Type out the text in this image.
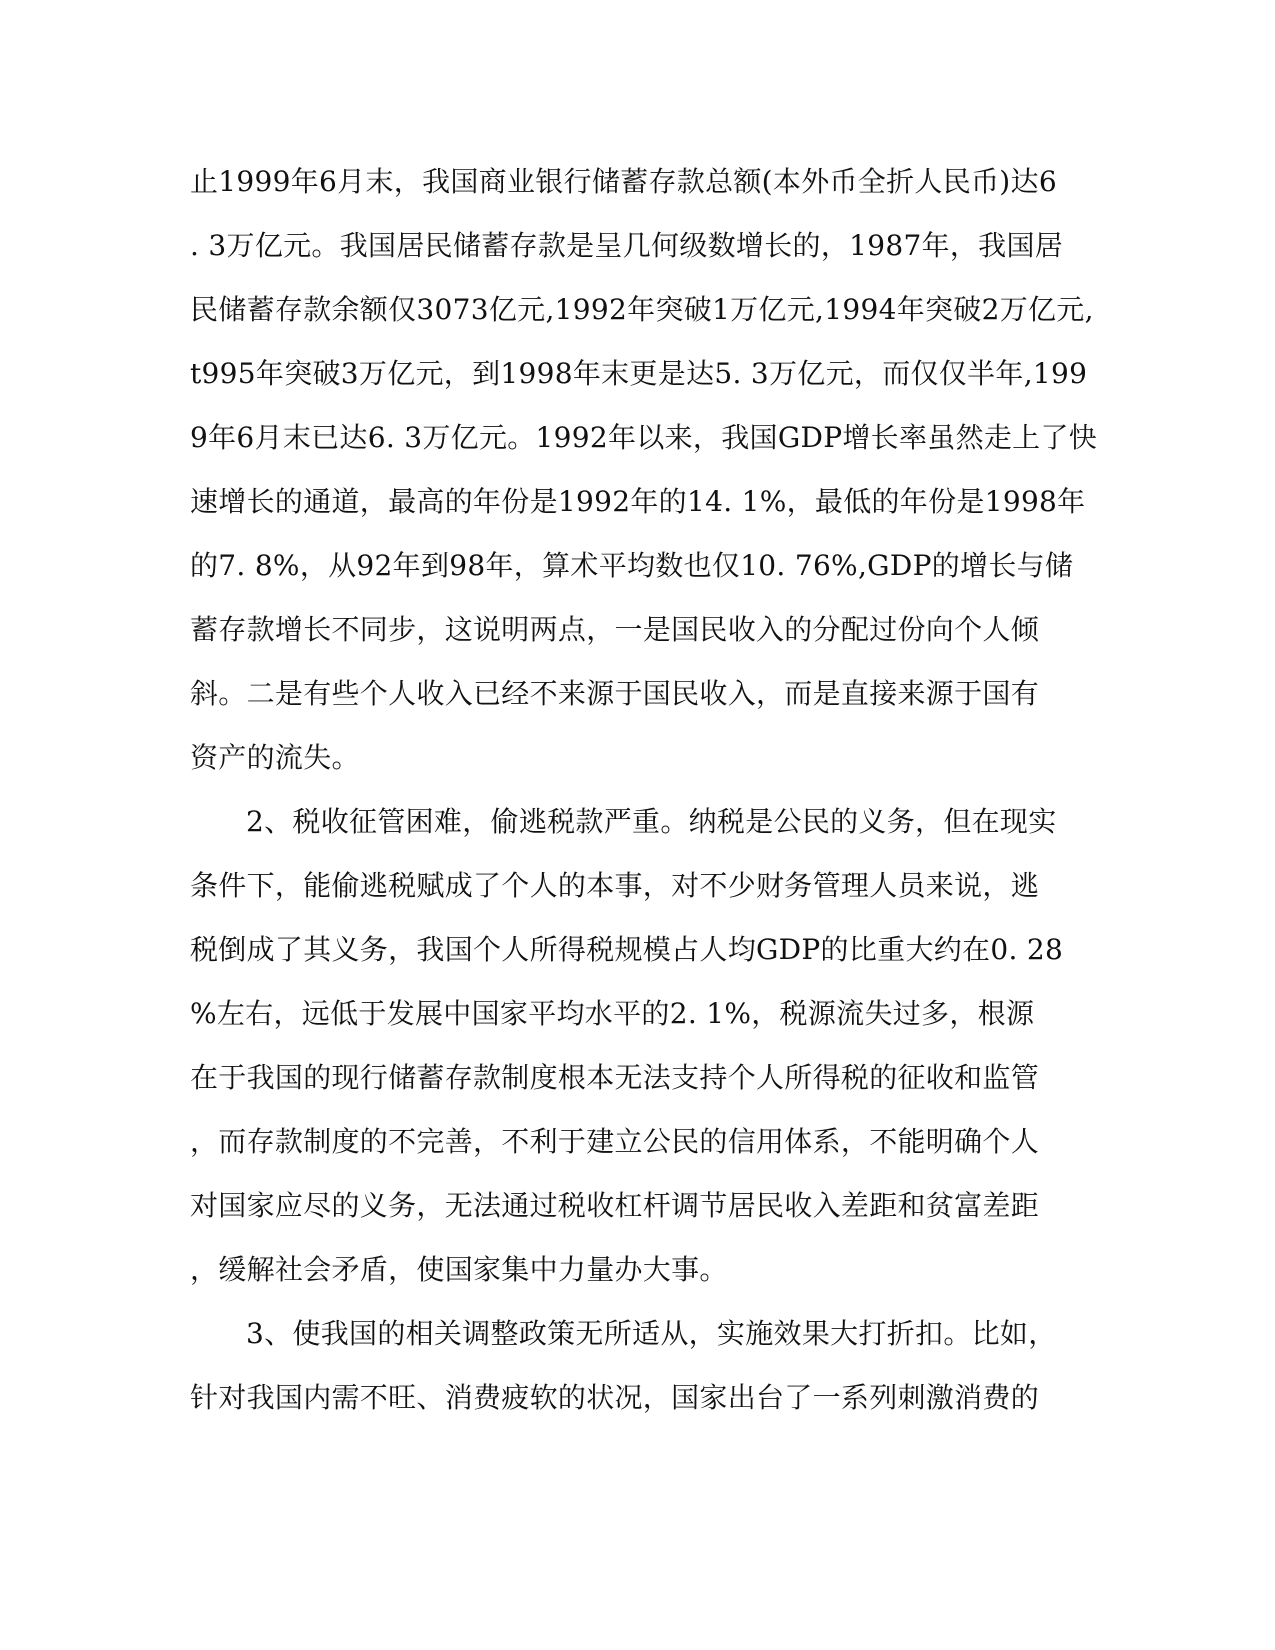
止1999年6月末，我国商业银行储蓄存款总额(本外币全折人民币)达6
. 3万亿元。我国居民储蓄存款是呈几何级数增长的，1987年，我国居
民储蓄存款余额仅3073亿元,1992年突破1万亿元,1994年突破2万亿元,
t995年突破3万亿元，到1998年末更是达5. 3万亿元，而仅仅半年,199
9年6月末已达6. 3万亿元。1992年以来，我国GDP增长率虽然走上了快
速增长的通道，最高的年份是1992年的14. 1%，最低的年份是1998年
的7. 8%，从92年到98年，算术平均数也仅10. 76%,GDP的增长与储
蓄存款增长不同步，这说明两点，一是国民收入的分配过份向个人倾
斜。二是有些个人收入已经不来源于国民收入，而是直接来源于国有
资产的流失。
2、税收征管困难，偷逃税款严重。纳税是公民的义务，但在现实
条件下，能偷逃税赋成了个人的本事，对不少财务管理人员来说，逃
税倒成了其义务，我国个人所得税规模占人均GDP的比重大约在0. 28
%左右，远低于发展中国家平均水平的2. 1%，税源流失过多，根源
在于我国的现行储蓄存款制度根本无法支持个人所得税的征收和监管
，而存款制度的不完善，不利于建立公民的信用体系，不能明确个人
对国家应尽的义务，无法通过税收杠杆调节居民收入差距和贫富差距
，缓解社会矛盾，使国家集中力量办大事。
3、使我国的相关调整政策无所适从，实施效果大打折扣。比如，
针对我国内需不旺、消费疲软的状况，国家出台了一系列刺激消费的
